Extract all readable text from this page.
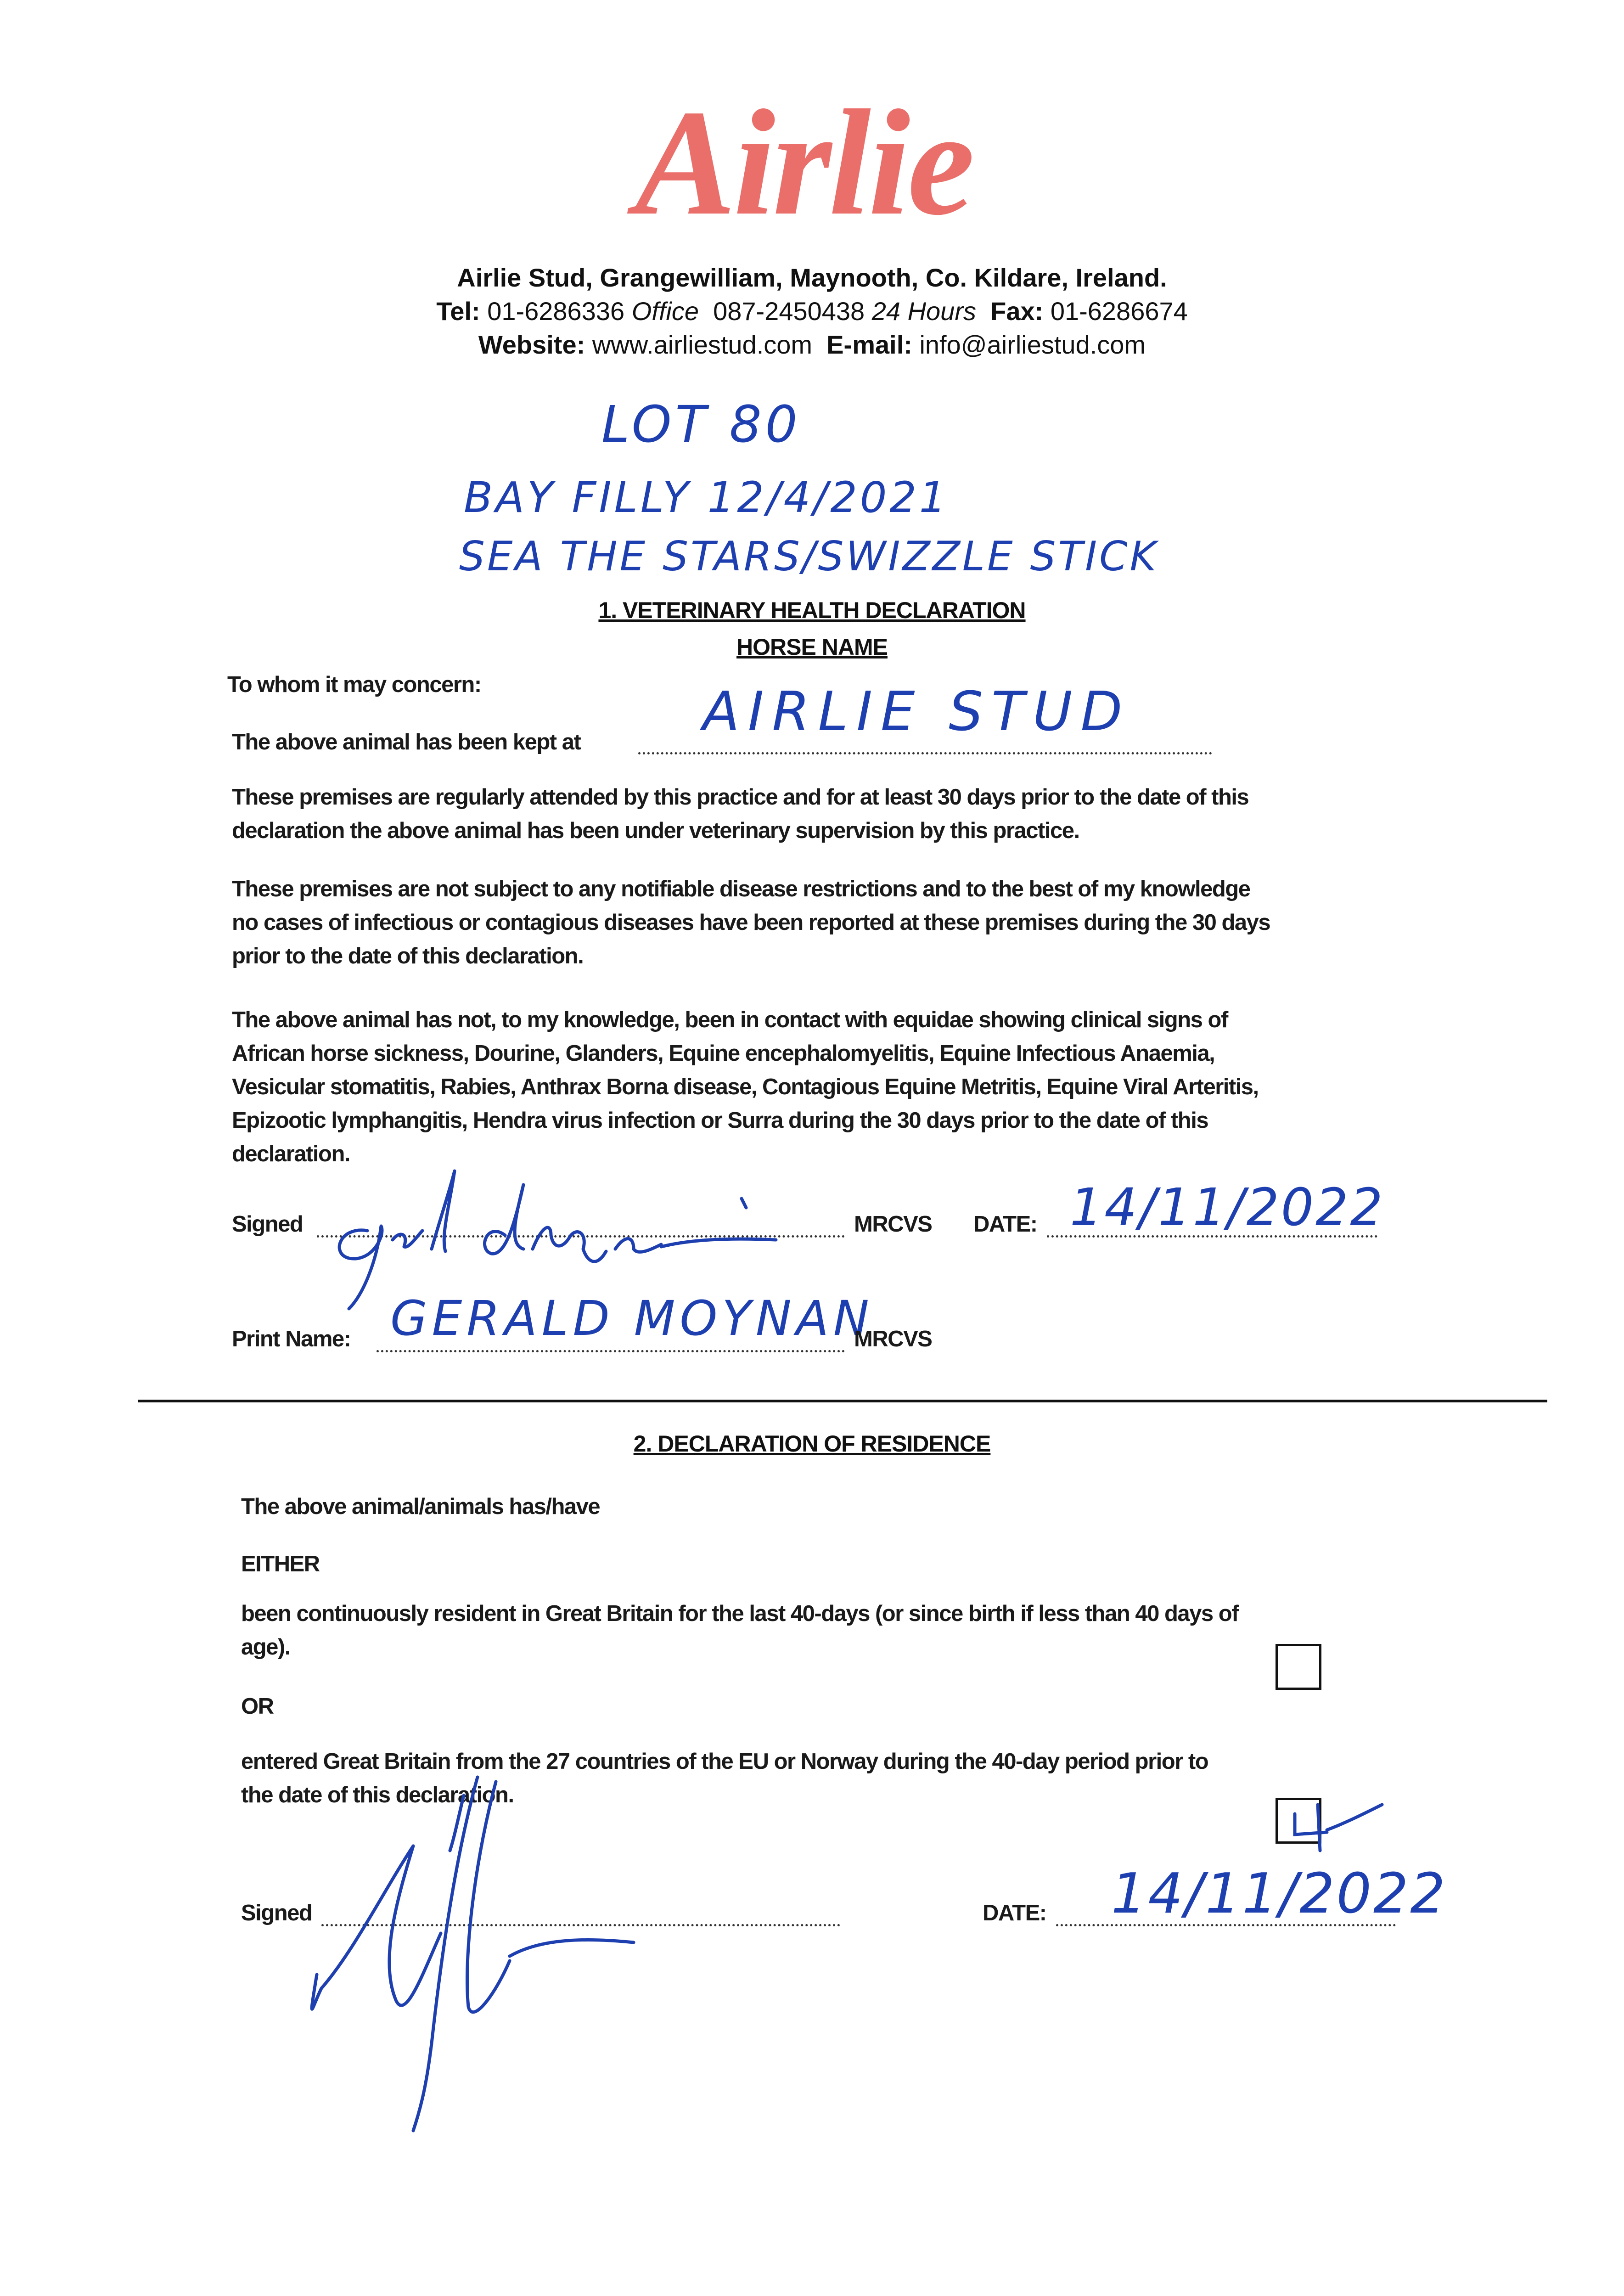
Airlie
Airlie Stud, Grangewilliam, Maynooth, Co. Kildare, Ireland.
Tel: 01-6286336 Office 087-2450438 24 Hours Fax: 01-6286674
Website: www.airliestud.com E-mail: info@airliestud.com
LOT 80
BAY FILLY 12/4/2021
SEA THE STARS/SWIZZLE STICK
1. VETERINARY HEALTH DECLARATION
HORSE NAME
To whom it may concern:
The above animal has been kept at AIRLIE STUD
These premises are regularly attended by this practice and for at least 30 days prior to the date of this
declaration the above animal has been under veterinary supervision by this practice.
These premises are not subject to any notifiable disease restrictions and to the best of my knowledge
no cases of infectious or contagious diseases have been reported at these premises during the 30 days
prior to the date of this declaration.
The above animal has not, to my knowledge, been in contact with equidae showing clinical signs of
African horse sickness, Dourine, Glanders, Equine encephalomyelitis, Equine Infectious Anaemia,
Vesicular stomatitis, Rabies, Anthrax Borna disease, Contagious Equine Metritis, Equine Viral Arteritis,
Epizootic lymphangitis, Hendra virus infection or Surra during the 30 days prior to the date of this
declaration.
Signed	MRCVS DATE: 14/11/2022
Print Name: GERALD MOYNAN
MRCVS
2. DECLARATION OF RESIDENCE
The above animal/animals has/have
EITHER
been continuously resident in Great Britain for the last 40-days (or since birth if less than 40 days of
age).
OR
entered Great Britain from the 27 countries of the EU or Norway during the 40-day period prior to
the date of this declaration.
Signed	DATE: 14/11/2022
